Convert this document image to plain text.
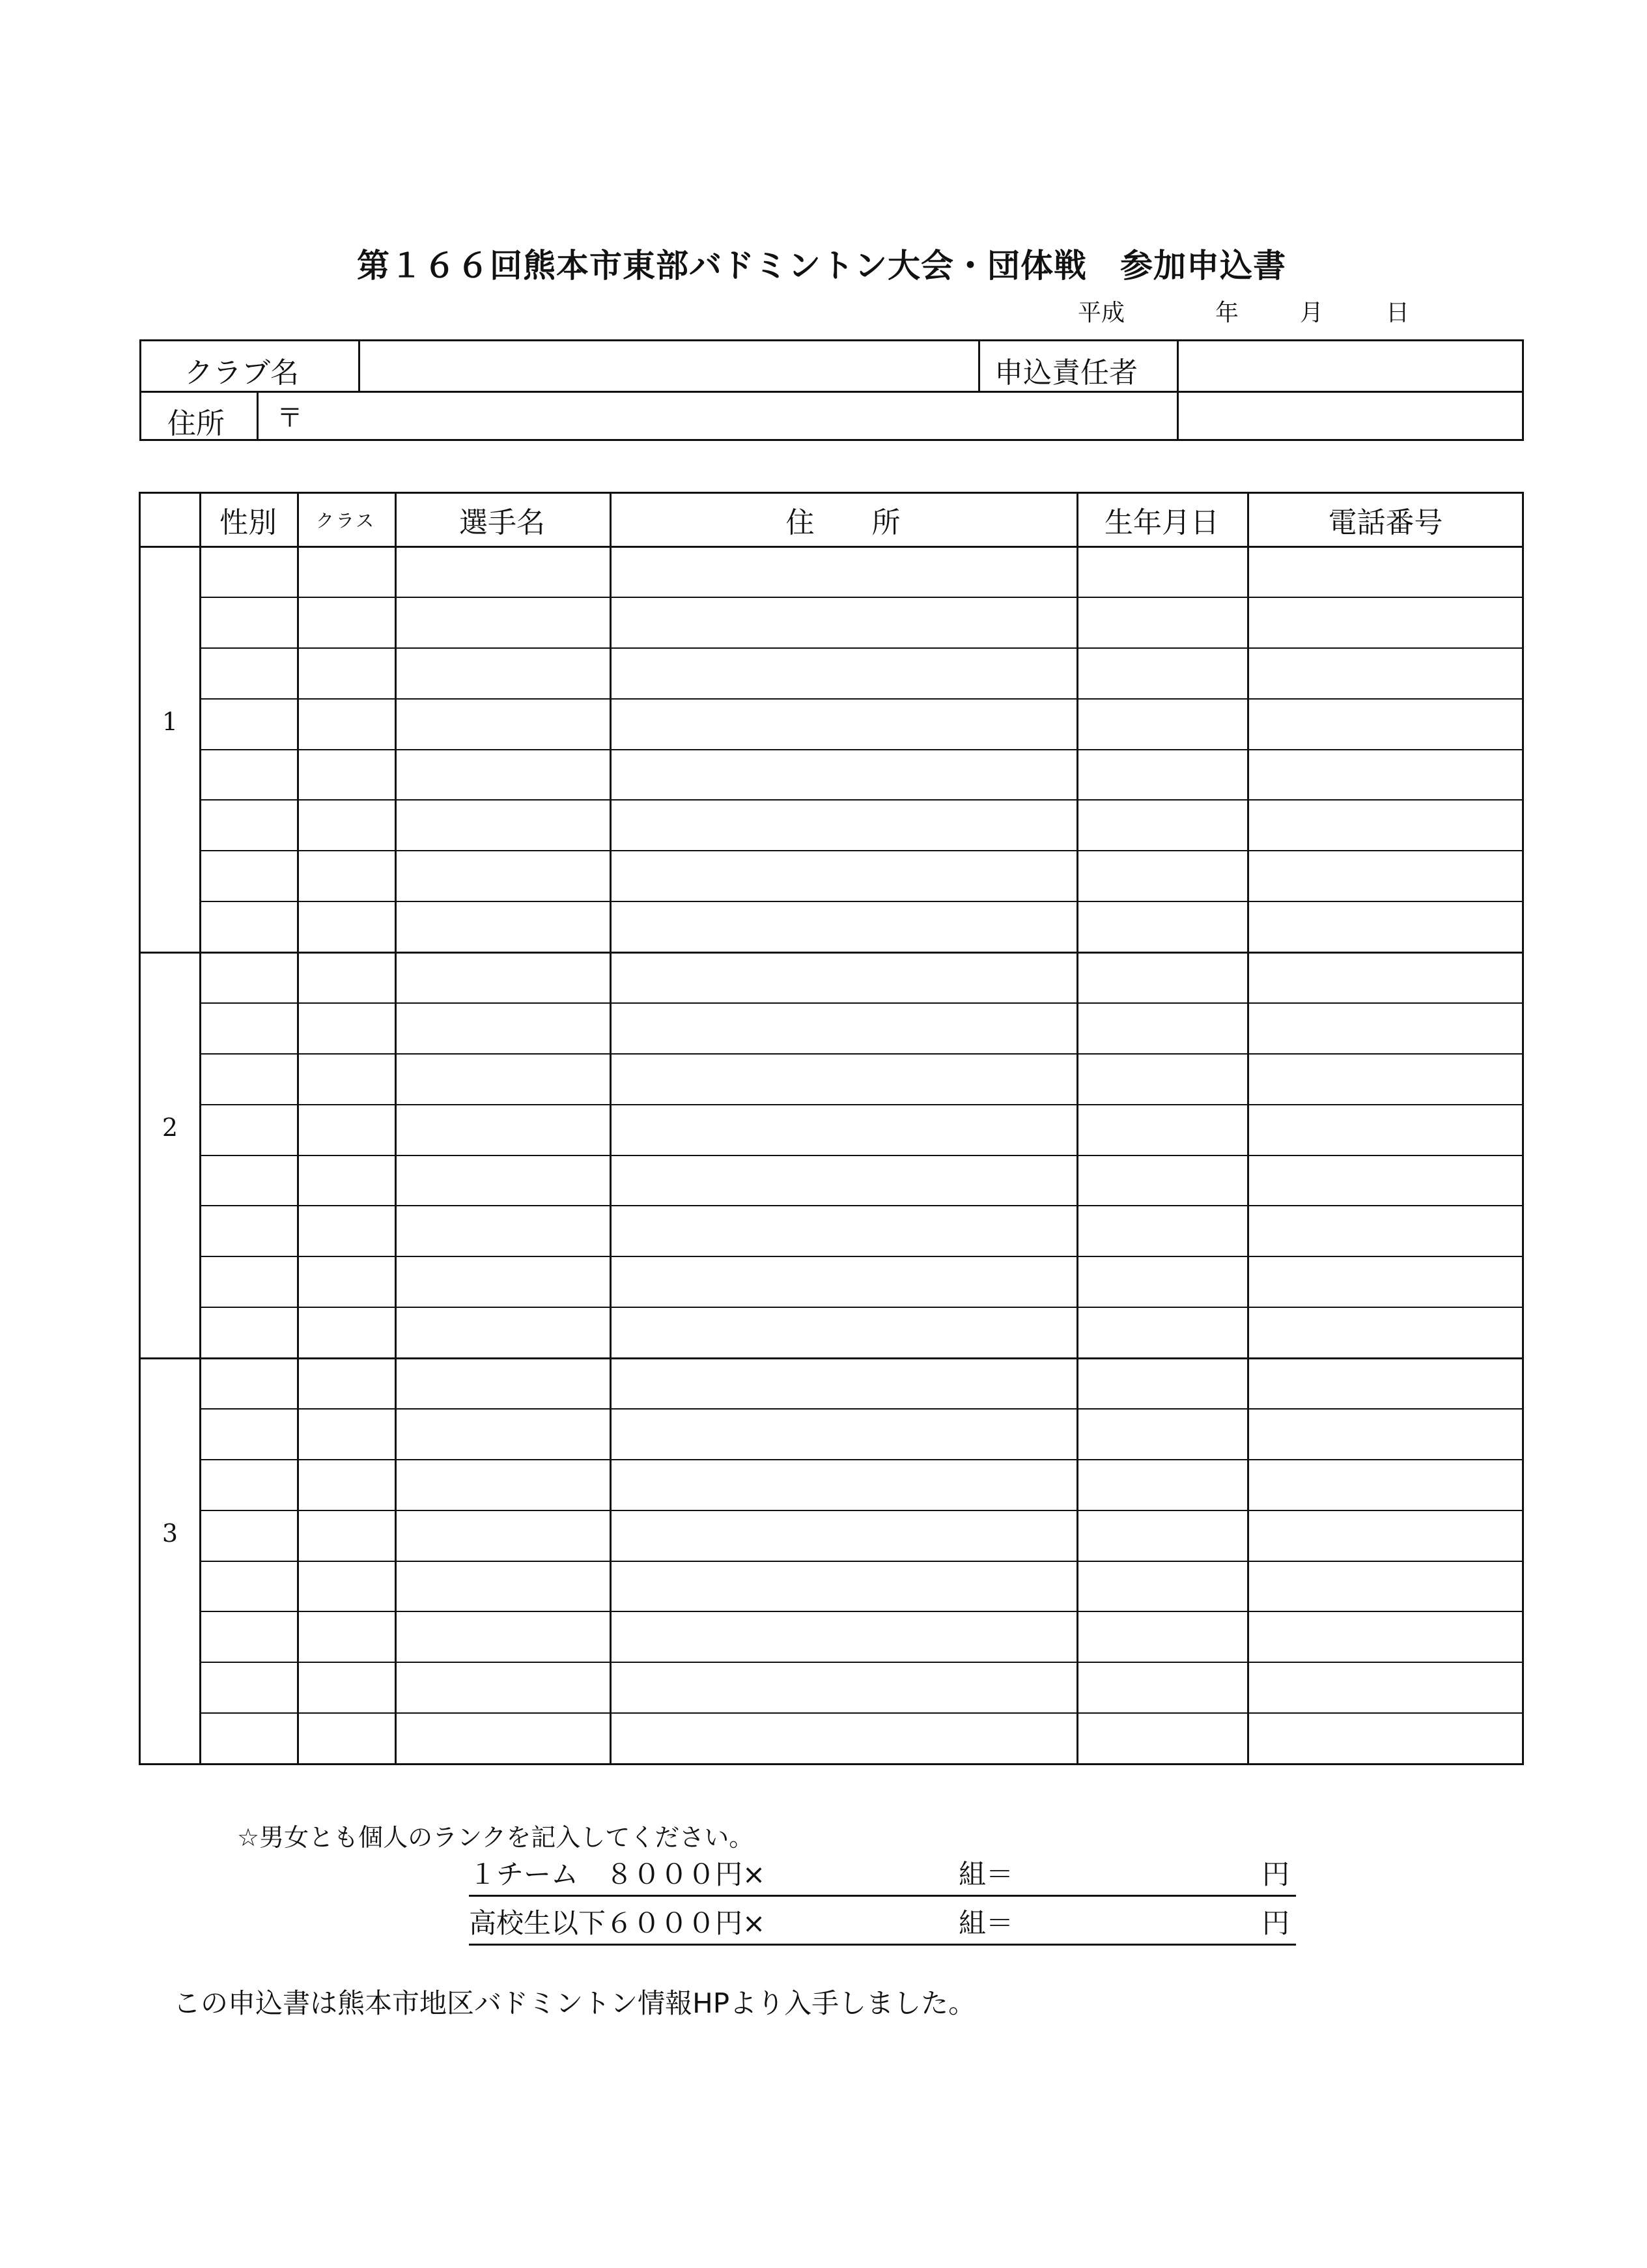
第１６６回熊本市東部バドミントン大会・団体戦　参加申込書
平成	年	月	日
クラブ名	申込責任者
住所 〒
性別	クラス	選手名	住　　所	生年月日	電話番号
1
2
3
☆男女とも個人のランクを記入してください。
１チーム　８０００円×	組＝	円
高校生以下６０００円×	組＝	円
この申込書は熊本市地区バドミントン情報HPより入手しました。
